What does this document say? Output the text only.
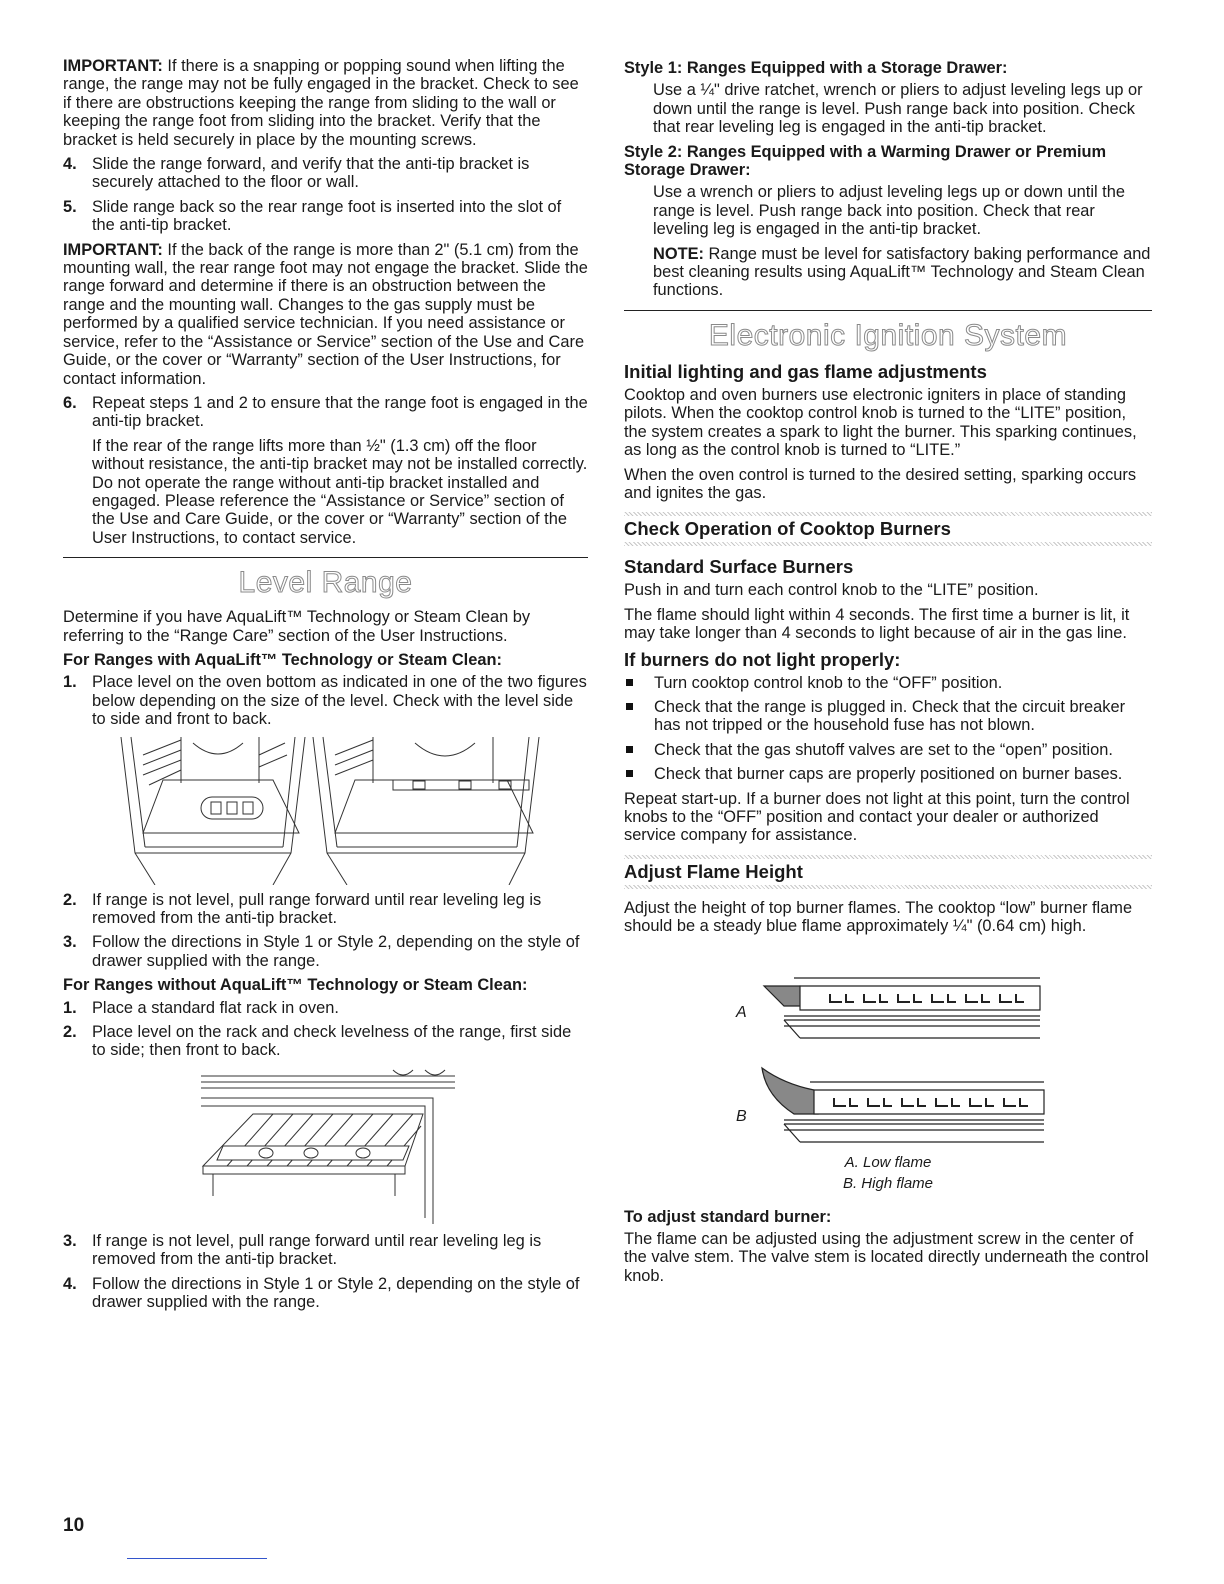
IMPORTANT: If there is a snapping or popping sound when lifting the range, the range may not be fully engaged in the bracket. Check to see if there are obstructions keeping the range from sliding to the wall or keeping the range foot from sliding into the bracket. Verify that the bracket is held securely in place by the mounting screws.

4. Slide the range forward, and verify that the anti-tip bracket is securely attached to the floor or wall.
5. Slide range back so the rear range foot is inserted into the slot of the anti-tip bracket.

IMPORTANT: If the back of the range is more than 2" (5.1 cm) from the mounting wall, the rear range foot may not engage the bracket. Slide the range forward and determine if there is an obstruction between the range and the mounting wall. Changes to the gas supply must be performed by a qualified service technician. If you need assistance or service, refer to the “Assistance or Service” section of the Use and Care Guide, or the cover or “Warranty” section of the User Instructions, for contact information.

6. Repeat steps 1 and 2 to ensure that the range foot is engaged in the anti-tip bracket.

If the rear of the range lifts more than ½" (1.3 cm) off the floor without resistance, the anti-tip bracket may not be installed correctly. Do not operate the range without anti-tip bracket installed and engaged. Please reference the “Assistance or Service” section of the Use and Care Guide, or the cover or “Warranty” section of the User Instructions, to contact service.

Level Range

Determine if you have AquaLift™ Technology or Steam Clean by referring to the “Range Care” section of the User Instructions.

For Ranges with AquaLift™ Technology or Steam Clean:
1. Place level on the oven bottom as indicated in one of the two figures below depending on the size of the level. Check with the level side to side and front to back.
2. If range is not level, pull range forward until rear leveling leg is removed from the anti-tip bracket.
3. Follow the directions in Style 1 or Style 2, depending on the style of drawer supplied with the range.
For Ranges without AquaLift™ Technology or Steam Clean:
1. Place a standard flat rack in oven.
2. Place level on the rack and check levelness of the range, first side to side; then front to back.
3. If range is not level, pull range forward until rear leveling leg is removed from the anti-tip bracket.
4. Follow the directions in Style 1 or Style 2, depending on the style of drawer supplied with the range.
Style 1: Ranges Equipped with a Storage Drawer:

Use a ¼" drive ratchet, wrench or pliers to adjust leveling legs up or down until the range is level. Push range back into position. Check that rear leveling leg is engaged in the anti-tip bracket.

Style 2: Ranges Equipped with a Warming Drawer or Premium Storage Drawer:

Use a wrench or pliers to adjust leveling legs up or down until the range is level. Push range back into position. Check that rear leveling leg is engaged in the anti-tip bracket.

NOTE: Range must be level for satisfactory baking performance and best cleaning results using AquaLift™ Technology and Steam Clean functions.

Electronic Ignition System
Initial lighting and gas flame adjustments

Cooktop and oven burners use electronic igniters in place of standing pilots. When the cooktop control knob is turned to the “LITE” position, the system creates a spark to light the burner. This sparking continues, as long as the control knob is turned to “LITE.”

When the oven control is turned to the desired setting, sparking occurs and ignites the gas.

Check Operation of Cooktop Burners
Standard Surface Burners

Push in and turn each control knob to the “LITE” position.

The flame should light within 4 seconds. The first time a burner is lit, it may take longer than 4 seconds to light because of air in the gas line.

If burners do not light properly:
Turn cooktop control knob to the “OFF” position.
Check that the range is plugged in. Check that the circuit breaker has not tripped or the household fuse has not blown.
Check that the gas shutoff valves are set to the “open” position.
Check that burner caps are properly positioned on burner bases.

Repeat start-up. If a burner does not light at this point, turn the control knobs to the “OFF” position and contact your dealer or authorized service company for assistance.

Adjust Flame Height

Adjust the height of top burner flames. The cooktop “low” burner flame should be a steady blue flame approximately ¼" (0.64 cm) high.

A
B
A. Low flame
B. High flame
To adjust standard burner:

The flame can be adjusted using the adjustment screw in the center of the valve stem. The valve stem is located directly underneath the control knob.

10
